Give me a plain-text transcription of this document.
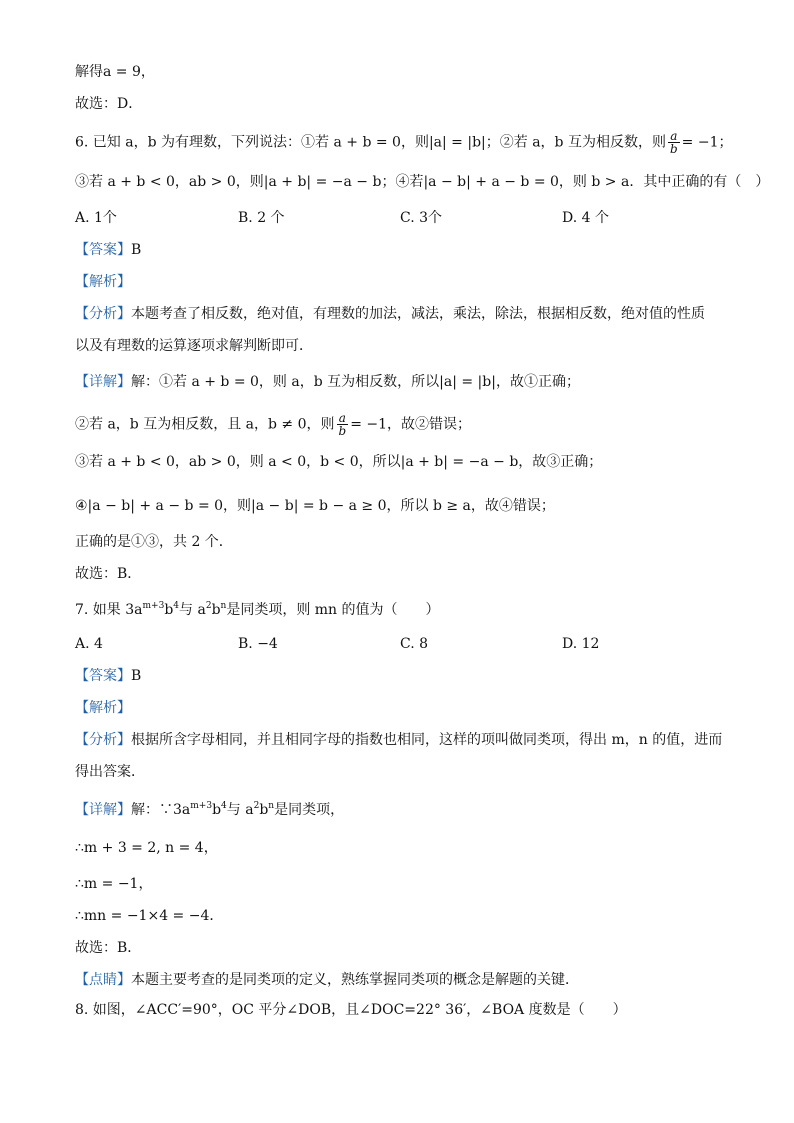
解得a = 9，
故选：D．
6. 已知 a，b 为有理数，下列说法：①若 a + b = 0，则|a| = |b|；②若 a，b 互为相反数，则 $\frac{a}{b} = -1$；
③若 a + b < 0，ab > 0，则|a + b| = −a − b；④若|a − b| + a − b = 0，则 b > a．其中正确的有（　）
A. 1个	B. 2 个	C. 3个	D. 4 个
【答案】B
【解析】
【分析】本题考查了相反数，绝对值，有理数的加法，减法，乘法，除法，根据相反数，绝对值的性质
以及有理数的运算逐项求解判断即可．
【详解】解：①若 a + b = 0，则 a，b 互为相反数，所以|a| = |b|，故①正确；
②若 a，b 互为相反数，且 a，b ≠ 0，则 $\frac{a}{b} = -1$，故②错误；
③若 a + b < 0，ab > 0，则 a < 0，b < 0，所以|a + b| = −a − b，故③正确；
④|a − b| + a − b = 0，则|a − b| = b − a ≥ 0，所以 b ≥ a，故④错误；
正确的是①③，共 2 个．
故选：B．
7. 如果 $3a^{m+3}b^4$与 $a^2b^n$是同类项，则 mn 的值为（　　）
A. 4	B. −4	C. 8	D. 12
【答案】B
【解析】
【分析】根据所含字母相同，并且相同字母的指数也相同，这样的项叫做同类项，得出 m，n 的值，进而
得出答案．
【详解】解：$\because 3a^{m+3}b^4$与 $a^2b^n$是同类项，
∴m + 3 = 2, n = 4，
∴m = −1，
∴mn = −1×4 = −4．
故选：B．
【点睛】本题主要考查的是同类项的定义，熟练掌握同类项的概念是解题的关键．
8. 如图，∠ACC′=90°，OC 平分∠DOB，且∠DOC=22° 36′，∠BOA 度数是（　　）
